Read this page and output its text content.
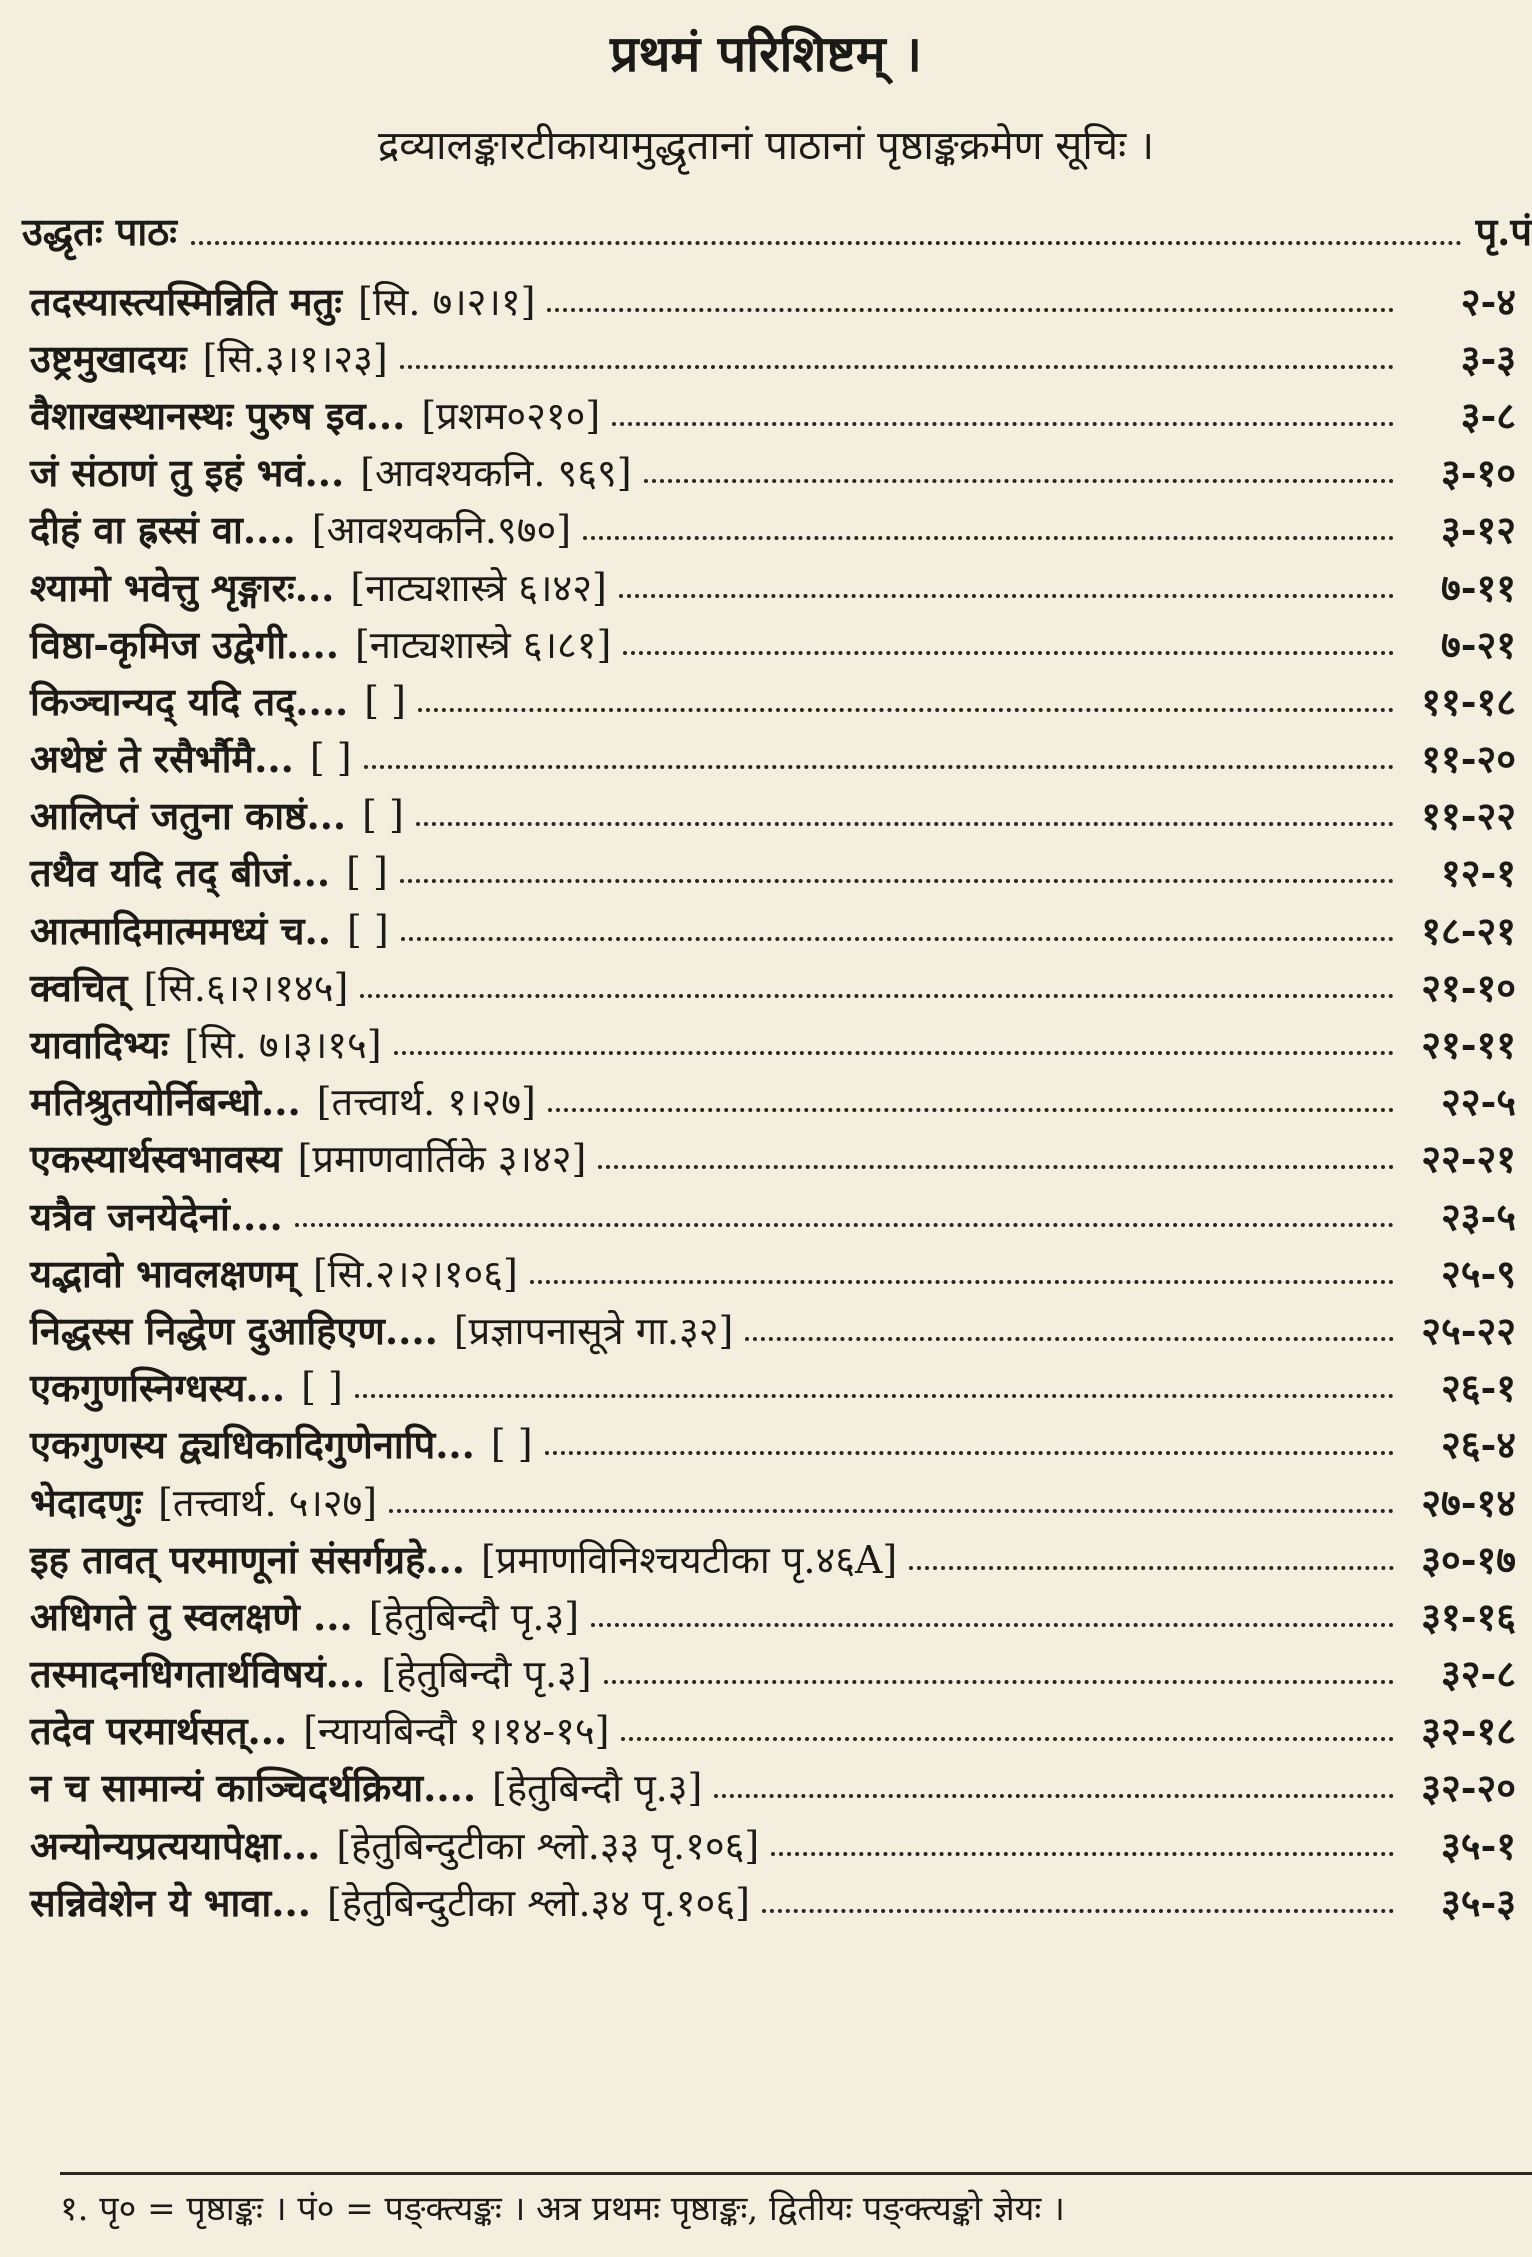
प्रथमं परिशिष्टम् ।
द्रव्यालङ्कारटीकायामुद्धृतानां पाठानां पृष्ठाङ्कक्रमेण सूचिः ।
उद्धृतः पाठः	पृ.पं
तदस्यास्त्यस्मिन्निति मतुः [सि. ७।२।१]	२-४
उष्ट्रमुखादयः [सि.३।१।२३]	३-३
वैशाखस्थानस्थः पुरुष इव... [प्रशम०२१०]	३-८
जं संठाणं तु इहं भवं... [आवश्यकनि. ९६९]	३-१०
दीहं वा ह्रस्सं वा.... [आवश्यकनि.९७०]	३-१२
श्यामो भवेत्तु शृङ्गारः... [नाट्यशास्त्रे ६।४२]	७-११
विष्ठा-कृमिज उद्वेगी.... [नाट्यशास्त्रे ६।८१]	७-२१
किञ्चान्यद् यदि तद्.... [ ]	११-१८
अथेष्टं ते रसैर्भौमै... [ ]	११-२०
आलिप्तं जतुना काष्ठं... [ ]	११-२२
तथैव यदि तद् बीजं... [ ]	१२-१
आत्मादिमात्ममध्यं च.. [ ]	१८-२१
क्वचित् [सि.६।२।१४५]	२१-१०
यावादिभ्यः [सि. ७।३।१५]	२१-११
मतिश्रुतयोर्निबन्धो... [तत्त्वार्थ. १।२७]	२२-५
एकस्यार्थस्वभावस्य [प्रमाणवार्तिके ३।४२]	२२-२१
यत्रैव जनयेदेनां....	२३-५
यद्भावो भावलक्षणम् [सि.२।२।१०६]	२५-९
निद्धस्स निद्धेण दुआहिएण.... [प्रज्ञापनासूत्रे गा.३२]	२५-२२
एकगुणस्निग्धस्य... [ ]	२६-१
एकगुणस्य द्व्यधिकादिगुणेनापि... [ ]	२६-४
भेदादणुः [तत्त्वार्थ. ५।२७]	२७-१४
इह तावत् परमाणूनां संसर्गग्रहे... [प्रमाणविनिश्चयटीका पृ.४६A]	३०-१७
अधिगते तु स्वलक्षणे ... [हेतुबिन्दौ पृ.३]	३१-१६
तस्मादनधिगतार्थविषयं... [हेतुबिन्दौ पृ.३]	३२-८
तदेव परमार्थसत्... [न्यायबिन्दौ १।१४-१५]	३२-१८
न च सामान्यं काञ्चिदर्थक्रिया.... [हेतुबिन्दौ पृ.३]	३२-२०
अन्योन्यप्रत्ययापेक्षा... [हेतुबिन्दुटीका श्लो.३३ पृ.१०६]	३५-१
सन्निवेशेन ये भावा... [हेतुबिन्दुटीका श्लो.३४ पृ.१०६]	३५-३
१. पृ० = पृष्ठाङ्कः । पं० = पङ्क्त्यङ्कः । अत्र प्रथमः पृष्ठाङ्कः, द्वितीयः पङ्क्त्यङ्को ज्ञेयः ।
